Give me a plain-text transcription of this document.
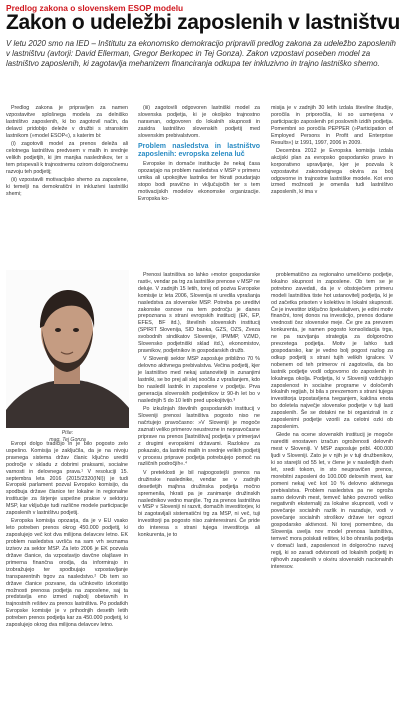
Predlog zakona o slovenskem ESOP modelu
Zakon o udeležbi zaposlenih v lastništvu

V letu 2020 smo na IED – Inštitutu za ekonomsko demokracijo pripravili predlog zakona za udeležbo zaposlenih v lastništvu (avtorji: David Ellerman, Gregor Berkopec in Tej Gonza). Zakon vzpostavi poseben model za lastništvo zaposlenih, ki zagotavlja mehanizem financiranja odkupa ter inkluzivno in trajno lastniško shemo.

Predlog zakona je pripravljen za namen vzpostavitve splošnega modela za delniško lastništvo zaposlenih, ki bo zagotovil način, da delavci pridobijo deleže v družbi s stranskim lastnikom (»model ESOP«), s katerim bi:

(i) zagotovili model za prenos deleža ali celotnega lastništva predvsem v malih in srednje velikih podjetjih, ki jim manjka naslednikov, ter s tem prispevali k trajnostnemu ozirom dolgoročnemu razvoju teh podjetij;

(ii) vzpostavili motivacijsko shemo za zaposlene, ki temelji na demokratični in inkluzivni lastniški shemi;

(iii) zagotovili odgovoren lastniški model za slovenska podjetja, ki je okoljsko trajnostno naravnan, odgovoren do lokalnih skupnosti in zasidra lastništvo slovenskih podjetij med slovenskim prebivalstvom.

Problem nasledstva in lastništvo zaposlenih: evropska zelena luč

Evropske in domače institucije že nekaj časa opozarjajo na problem nasledstva v MSP v primeru umika ali upokojitve lastnika ter hkrati poudarjajo stopo bodi pravično in vključujočih ter s tem motivacijskih modelov ekonomske organizacije. Evropska ko-

misija je v zadnjih 30 letih izdala številne študije, poročila in priporočila, ki so usmerjena v participacijo zaposlenih pri poslovnih izidih podjetja. Pomembni so poročila PEPPER (»Participation of Employed Persons in Profit and Enterprise Results«) iz 1991, 1997, 2006 in 2009.

Decembra 2012 je Evropska komisija izdala akcijski plan za evropsko gospodarsko pravo in korporativno upravljanje, kjer je pozvala k vzpostavitvi zakonodajnega okvira za bolj odgovorne in trajnostne lastniške modele. Kot eno izmed možnosti je omenila tudi lastništvo zaposlenih, ki ima v

Piše:
mag. Tej Gonza

Evropi dolgo tradicijo in je bilo pogosto zelo uspešno. Komisija je zaključila, da je na nivoju pravnega sistema držav članic ključno urediti področje v skladu z dobrimi praksami, socialne varnosti in delovnega prava.¹ V resoluciji 15. septembra leta 2016 (2015/2320(INI)) je tudi Evropski parlament pozval Evropsko komisijo, da spodbuja države članice ter lokalne in regionalne institucije za širjenje uspešne prakse v sektorju MSP, kar vključuje tudi različne modele participacije zaposlenih v lastništvu podjetij.

Evropska komisija opozarja, da je v EU vsako leto potreben prenos okrog 450.000 podjetij, ki zaposlujejo več kot dva milijona delavcev letno. EK problem nasledstva uvršča na sam vrh seznama izzivov za sektor MSP. Za leto 2006 je EK pozvala države članice, da vzpostavijo davčne olajšave in primerna finančna orodja, da informirajo in izobražujejo ter spodbujajo vzpostavljanje transparentnih trgov za nasledstvo.² Ob tem so države članice pozvane, da učinkovito izkoristijo možnosti prenosa podjetja na zaposlene, saj ta predstavlja eno izmed najbolj obetavnih in trajnostnih rešitev za prenos lastništva. Po podatkih Evropske komisije je v prihodnjih desetih letih potreben prenos podjetja kar za 450.000 podjetij, ki zaposlujejo okrog dva milijona delavcev letno.

Prenosi lastništva so lahko »motor gospodarske rasti«, vendar pa trg za lastniške prenose v MSP ne deluje. V zadnjih 15 letih, torej od poziva Evropske komisije iz leta 2006, Slovenija ni uredila vprašanja nasledstva za slovenske MSP. Potreba po ureditvi zakonske osnove na tem področju je danes prepoznana s strani evropskih institucij (EK, EP, EFES, BF itd.), številnih slovenskih institucij (SPIRIT Slovenija, SID banka, GZS, OZS, Zveza svobodnih sindikatov Slovenije, IPMMP, VZMD, Slovensko podjetniški sklad itd.), ekonomistov, pravnikov, podjetnikov in gospodarskih družb.

V Sloveniji sektor MSP zaposluje približno 70 % delovno aktivnega prebivalstva. Večina podjetij, kjer je lastništvo med nekaj ustanovitelji in zunanjimi lastniki, se bo prej ali slej soočila z vprašanjem, kdo bo nasledil lastnik in zaposlene v podjetju. Prva generacija slovenskih podjetnikov iz 90-ih let bo v naslednjih 5 do 10 letih pred upokojitvijo.³

Po izkušnjah številnih gospodarskih institucij v Sloveniji prenosi lastništva pogosto niso ne načrtujejo pravočasno: »V Sloveniji je mogoče zaznati veliko primerov neustrezne in nepravočasne priprave na prenos [lastništva] podjetja v primerjavi z drugimi evropskimi državami. Razlokov za pokazalo, da lastniki malih in srednje velikih podjetij v procesu priprave podjetja potrebujejo pomoč na različnih področjih«.⁴

V preteklosti je bil najpogostejši prenos na družinske naslednike, vendar se v zadnjih desetletjih majhna družinska podjetja močno spremenila, hkrati pa je zanimanje družinskih naslednikov vedno manjše. Trg za prenos lastništva v MSP v Sloveniji ni razvit, domačih investitorjev, ki bi zagotavljali sistematični trg za MSP, ni več, tuji investitorji pa pogosto niso zainteresirani. Če pride do interesa s strani tujega investitorja ali konkurenta, je to

problematično za regionalno umeščeno podjetje, lokalno skupnost in zaposlene. Ob tem se je potrebno zavedati, da je v obstoječem primeru modeli lastništva tiste hot ustanovitelj podjetja, ki je od začetka prisoten v kolektivu in lokalni skupnosti. Če je investitor izključno špekulativen, je edini motiv finančni, torej donos na investicijo, prenos dodane vrednosti čez slovenske meje. Če gre za prevzem konkurenta, je namen pogosto konsolidacija trga, ne pa razvijanja strategija za dolgoročno prevzetega podjetja. Motiv je lahko tudi gospodarsko, kar je vedno bolj pogost razlog za odkup podjetij s strani tujih velikih igralcev. V nobenem od teh primerov ni zagotovila, da bo lastnik podjetje vodil odgovorno do zaposlenih in lokalnega okolja. Podjetja, ki v Sloveniji vzdržujejo zaposlenost in socialne programe v določenih lokalnih regijah, bi bila s prevzemom s strani tujega investitorja izpostavljena tveganjem, kakšna enota bo doletela največje slovenske podjetje v tuji lasti zaposlenih. Še se dotakni ne bi organizirali in z zaposlenimi podjetje vzorili za celotni ozki ob zaposlenim.

Glede na ocene slovenskih institucij je mogoče narediti enostaven izračun ogroženosti delovnih mest v Sloveniji. V MSP zaposluje pribl. 400.000 ljudi v Sloveniji. Zato je v njih je v tuji družbenikov, ki so starejši od 55 let, v člene je v nasledljih dveh let, sredi tokom, in sto neupravičen prenos, morebitni zaposleni do 100.000 delovnih mest, kar pomeni nekaj več kot 10 % delovno aktivnega prebivalstva. Problem nasledstva pa ne ogroža samo delovnih mest, temveč lahko povzroči veliko negativnih eksternalij za lokalne skupnosti, vodi v povečanje socialnih razlik in nazaduje, vodi v povečanje socialnih stroškov države ter ogrozi gospodarsko aktivnost. Ni torej pomembno, da Slovenija uvelja nov model prenosa lastništva, temveč mora poiskati rešitev, ki bo ohranila podjetja v domači lasti, zaposlenost in dolgoročno razvoj regij, ki so zaradi odvisnosti od lokalnih podjetij in njihovih zaposlenih v okviru slovenskih nacionalnih interesov.
